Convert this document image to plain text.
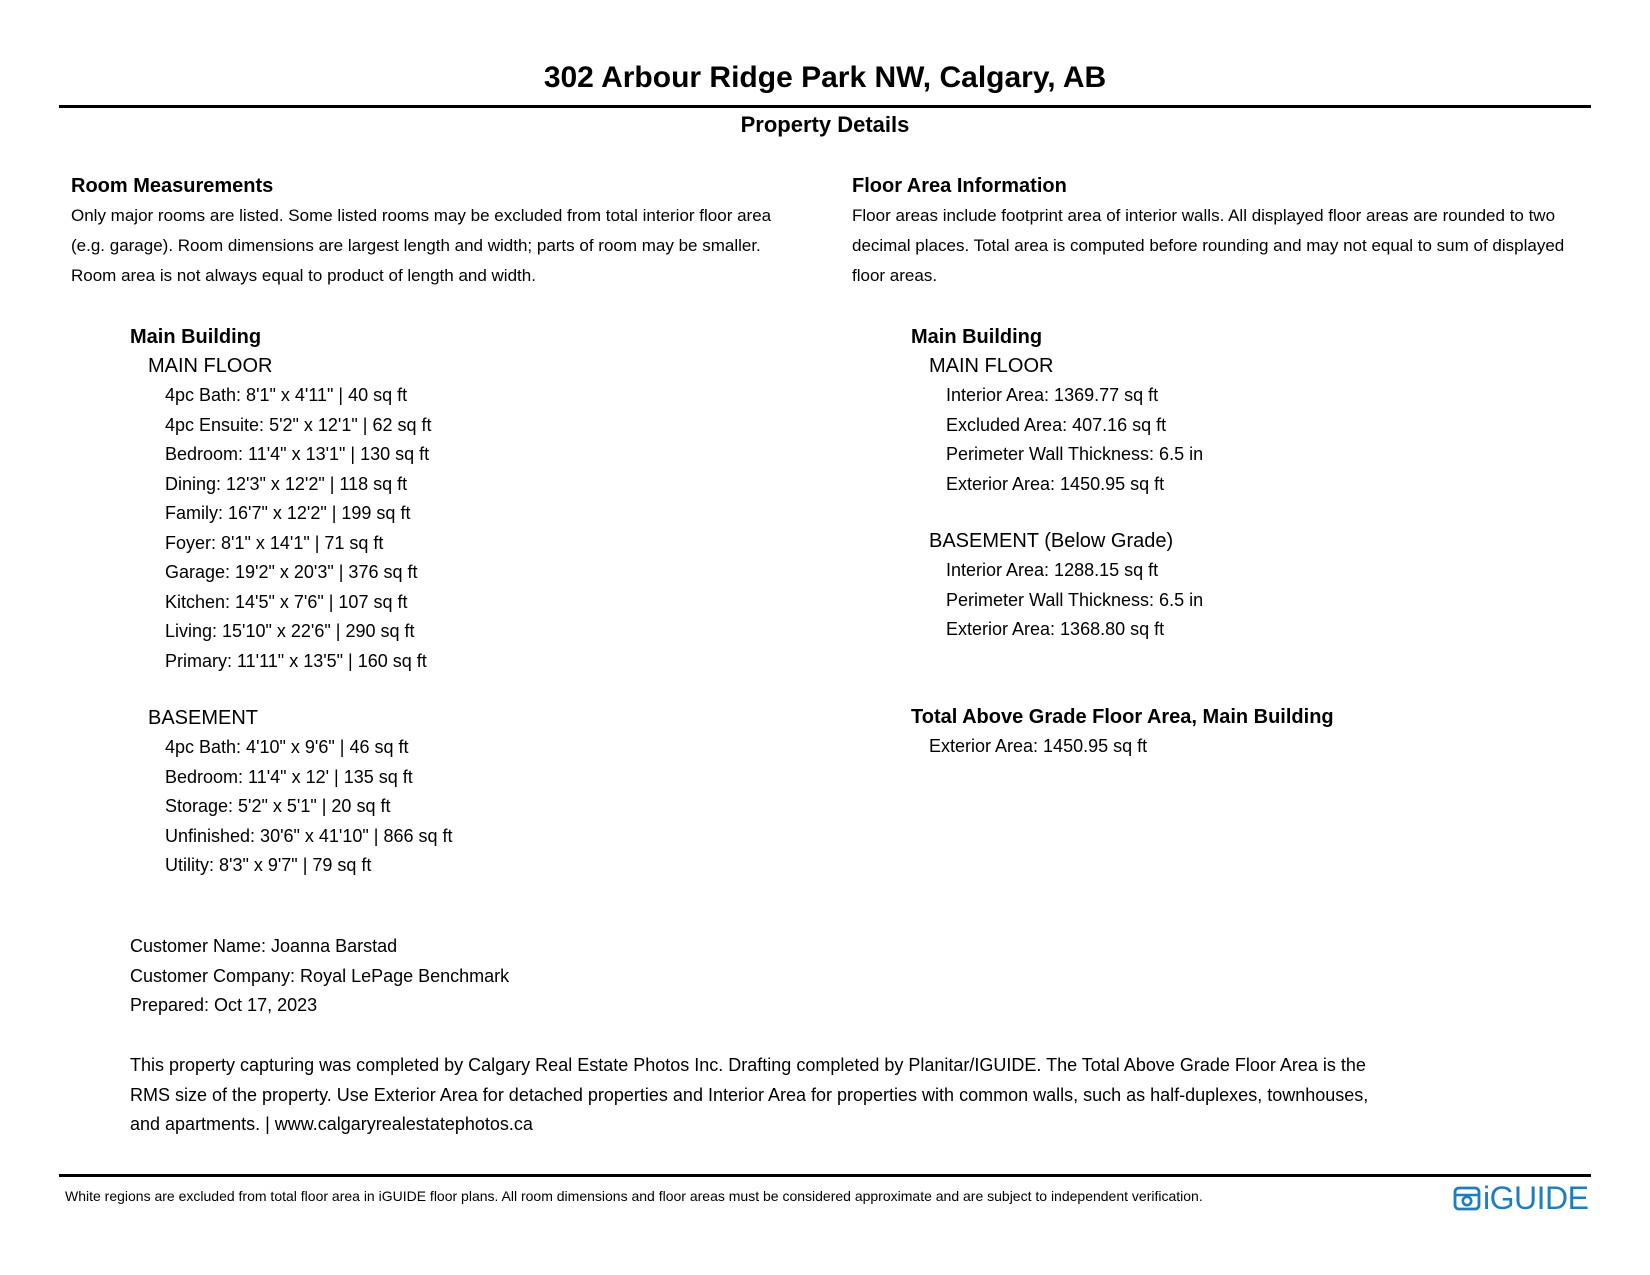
302 Arbour Ridge Park NW, Calgary, AB
Property Details
Room Measurements
Only major rooms are listed. Some listed rooms may be excluded from total interior floor area
(e.g. garage). Room dimensions are largest length and width; parts of room may be smaller.
Room area is not always equal to product of length and width.
Main Building
MAIN FLOOR
4pc Bath: 8'1" x 4'11" | 40 sq ft
4pc Ensuite: 5'2" x 12'1" | 62 sq ft
Bedroom: 11'4" x 13'1" | 130 sq ft
Dining: 12'3" x 12'2" | 118 sq ft
Family: 16'7" x 12'2" | 199 sq ft
Foyer: 8'1" x 14'1" | 71 sq ft
Garage: 19'2" x 20'3" | 376 sq ft
Kitchen: 14'5" x 7'6" | 107 sq ft
Living: 15'10" x 22'6" | 290 sq ft
Primary: 11'11" x 13'5" | 160 sq ft
BASEMENT
4pc Bath: 4'10" x 9'6" | 46 sq ft
Bedroom: 11'4" x 12' | 135 sq ft
Storage: 5'2" x 5'1" | 20 sq ft
Unfinished: 30'6" x 41'10" | 866 sq ft
Utility: 8'3" x 9'7" | 79 sq ft
Floor Area Information
Floor areas include footprint area of interior walls. All displayed floor areas are rounded to two
decimal places. Total area is computed before rounding and may not equal to sum of displayed
floor areas.
Main Building
MAIN FLOOR
Interior Area: 1369.77 sq ft
Excluded Area: 407.16 sq ft
Perimeter Wall Thickness: 6.5 in
Exterior Area: 1450.95 sq ft
BASEMENT (Below Grade)
Interior Area: 1288.15 sq ft
Perimeter Wall Thickness: 6.5 in
Exterior Area: 1368.80 sq ft
Total Above Grade Floor Area, Main Building
Exterior Area: 1450.95 sq ft
Customer Name: Joanna Barstad
Customer Company: Royal LePage Benchmark
Prepared: Oct 17, 2023
This property capturing was completed by Calgary Real Estate Photos Inc. Drafting completed by Planitar/IGUIDE. The Total Above Grade Floor Area is the
RMS size of the property. Use Exterior Area for detached properties and Interior Area for properties with common walls, such as half-duplexes, townhouses,
and apartments. | www.calgaryrealestatephotos.ca
White regions are excluded from total floor area in iGUIDE floor plans. All room dimensions and floor areas must be considered approximate and are subject to independent verification.	iGUIDE
